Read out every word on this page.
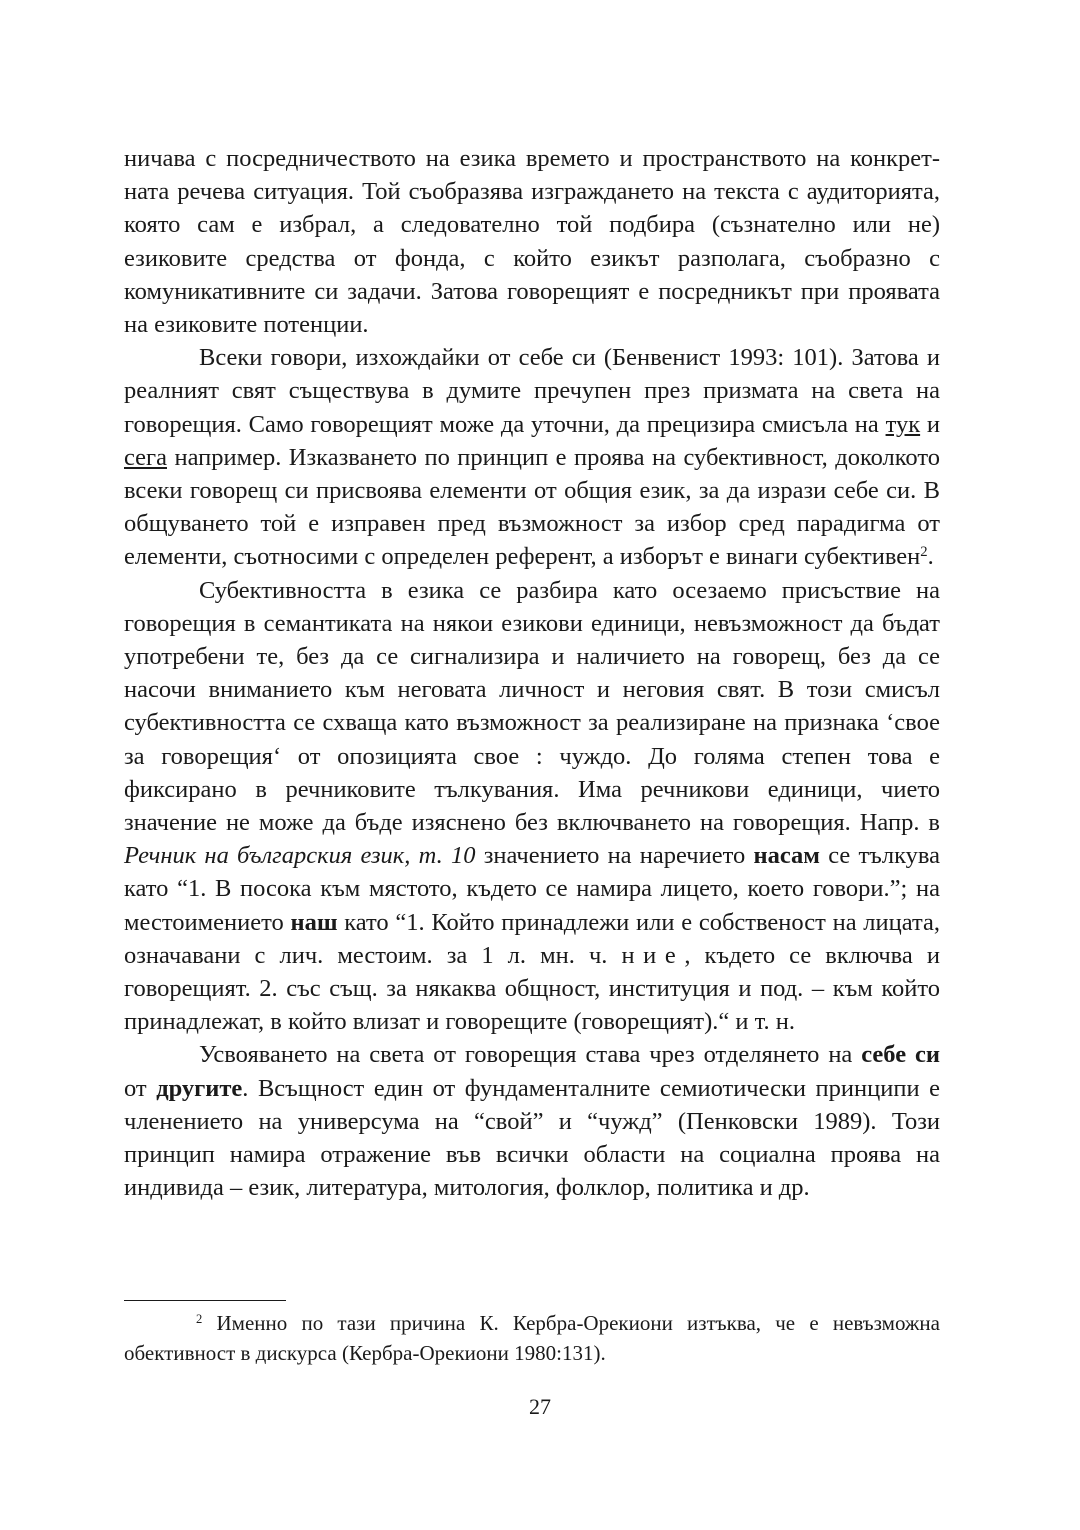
ничава с посредничеството на езика времето и пространството на конкретната речева ситуация. Той съобразява изграждането на текста с аудиторията, която сам е избрал, а следователно той подбира (съзнателно или не) езиковите средства от фонда, с който езикът разполага, съобразно с комуникативните си задачи. Затова говорещият е посредникът при проявата на езиковите потенции.

Всеки говори, изхождайки от себе си (Бенвенист 1993: 101). Затова и реалният свят съществува в думите пречупен през призмата на света на говорещия. Само говорещият може да уточни, да прецизира смисъла на тук и сега например. Изказването по принцип е проява на субективност, доколкото всеки говорещ си присвоява елементи от общия език, за да изрази себе си. В общуването той е изправен пред възможност за избор сред парадигма от елементи, съотносими с определен референт, а изборът е винаги субективен$^2$.

Субективността в езика се разбира като осезаемо присъствие на говорещия в семантиката на някои езикови единици, невъзможност да бъдат употребени те, без да се сигнализира и наличието на говорещ, без да се насочи вниманието към неговата личност и неговия свят. В този смисъл субективността се схваща като възможност за реализиране на признака ‘свое за говорещия‘ от опозицията свое : чуждо. До голяма степен това е фиксирано в речниковите тълкувания. Има речникови единици, чието значение не може да бъде изяснено без включването на говорещия. Напр. в Речник на българския език, т. 10 значението на наречието насам се тълкува като “1. В посока към мястото, където се намира лицето, което говори.”; на местоимението наш като “1. Който принадлежи или е собственост на лицата, означавани с лич. местоим. за 1 л. мн. ч. ние, където се включва и говорещият. 2. със същ. за някаква общност, институция и под. – към който принадлежат, в който влизат и говорещите (говорещият).“ и т. н.

Усвояването на света от говорещия става чрез отделянето на себе си от другите. Всъщност един от фундаменталните семиотически принципи е членението на универсума на “свой” и “чужд” (Пенковски 1989). Този принцип намира отражение във всички области на социална проява на индивида – език, литература, митология, фолклор, политика и др.

$^2$ Именно по тази причина К. Кербра-Орекиони изтъква, че е невъзможна обективност в дискурса (Кербра-Орекиони 1980:131).

27
